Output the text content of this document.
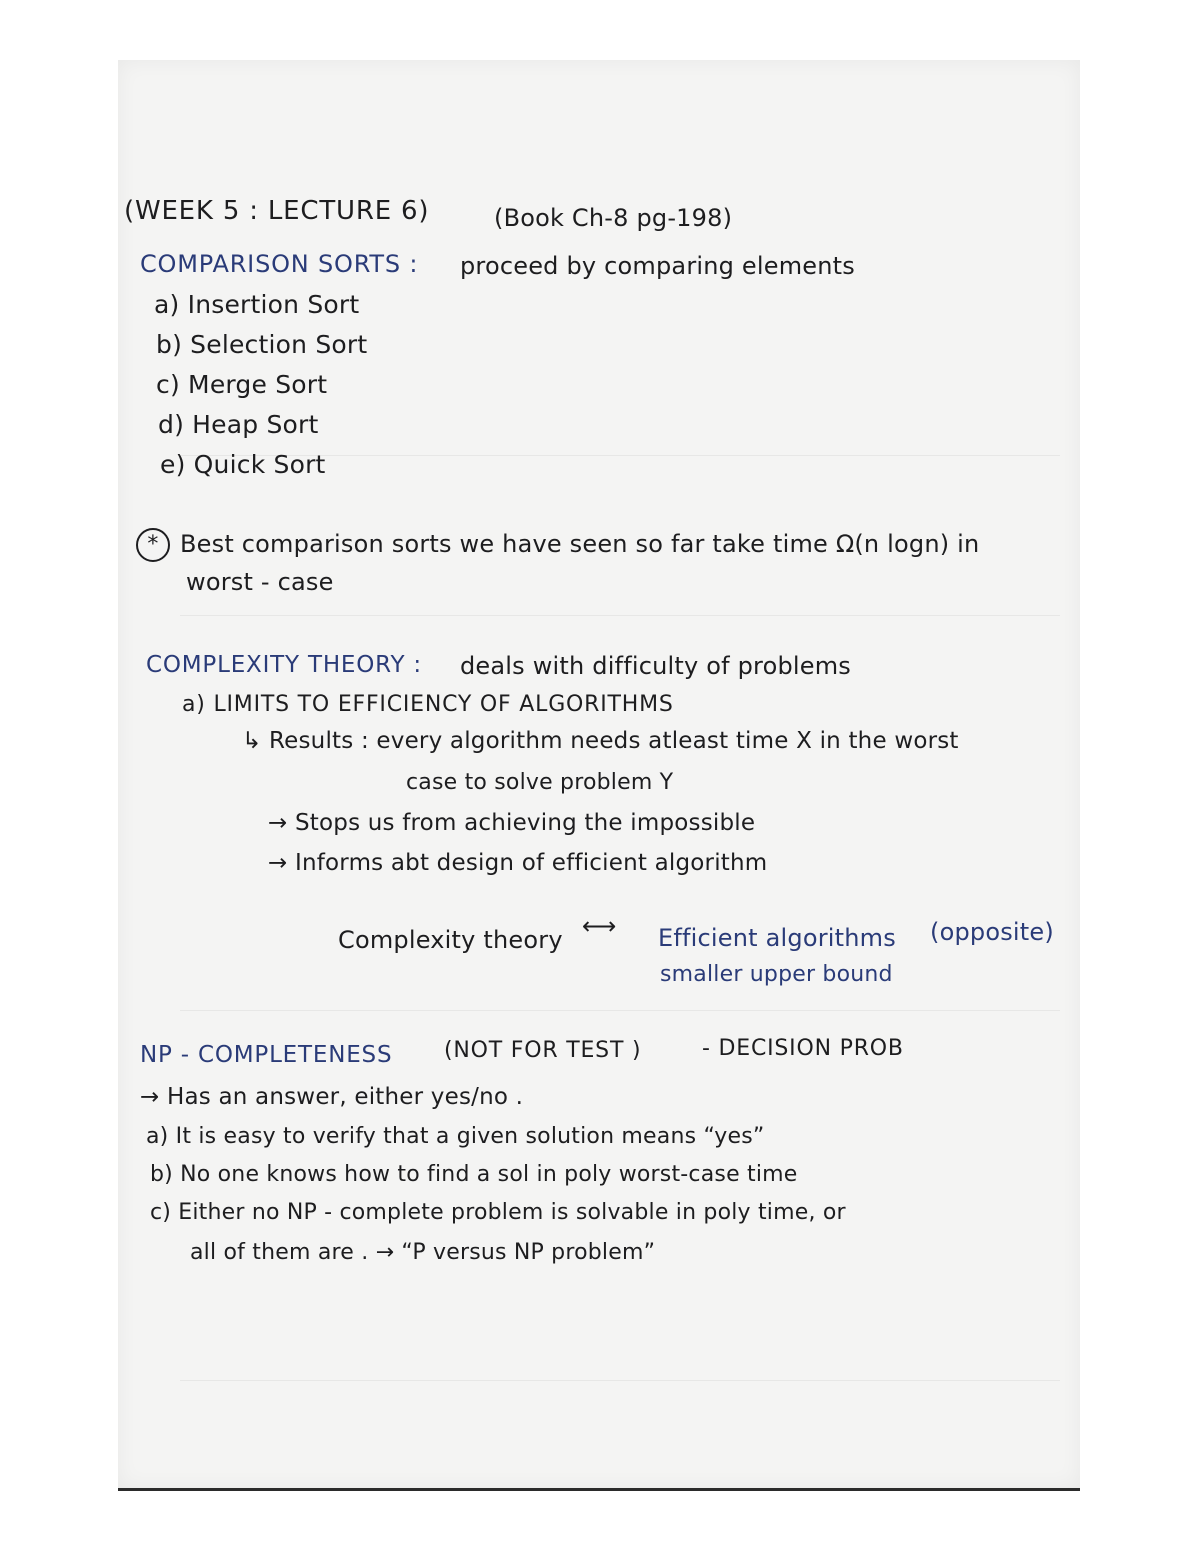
(WEEK 5 : LECTURE 6)	(Book Ch-8 pg-198)
COMPARISON SORTS : proceed by comparing elements
a) Insertion Sort
b) Selection Sort
c) Merge Sort
d) Heap Sort
e) Quick Sort
* Best comparison sorts we have seen so far take time Ω(n logn) in
worst - case
COMPLEXITY THEORY : deals with difficulty of problems
a) LIMITS TO EFFICIENCY OF ALGORITHMS
↳ Results : every algorithm needs atleast time X in the worst
case to solve problem Y
→ Stops us from achieving the impossible
→ Informs abt design of efficient algorithm
Complexity theory ⟷ Efficient algorithms (opposite)
smaller upper bound
NP - COMPLETENESS (NOT FOR TEST )	- DECISION PROB
→ Has an answer, either yes/no .
a) It is easy to verify that a given solution means “yes”
b) No one knows how to find a sol in poly worst-case time
c) Either no NP - complete problem is solvable in poly time, or
all of them are . → “P versus NP problem”
